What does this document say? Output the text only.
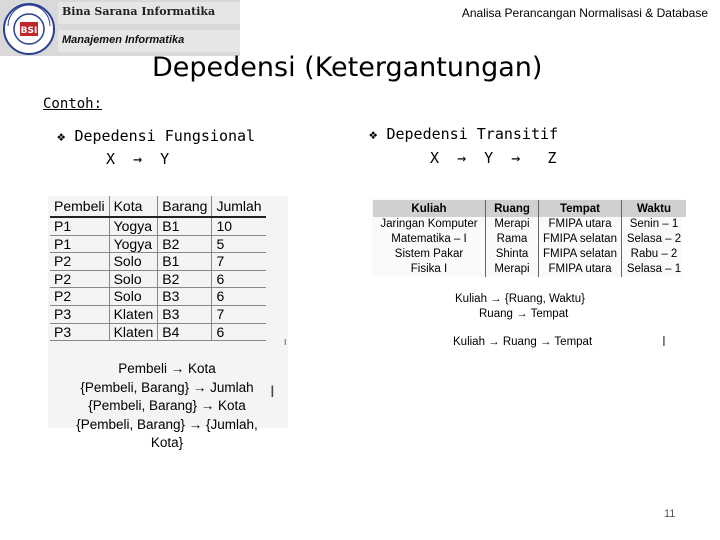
BSI
Bina Sarana Informatika
Manajemen Informatika
Analisa Perancangan Normalisasi & Database
Depedensi (Ketergantungan)
Contoh:
❖ Depedensi Fungsional
X  →  Y
❖ Depedensi Transitif
X  →  Y  →   Z
Pembeli	Kota	Barang	Jumlah
P1	Yogya	B1	10
P1	Yogya	B2	5
P2	Solo	B1	7
P2	Solo	B2	6
P2	Solo	B3	6
P3	Klaten	B3	7
P3	Klaten	B4	6
Pembeli → Kota
{Pembeli, Barang} → Jumlah
{Pembeli, Barang} → Kota
{Pembeli, Barang} → {Jumlah, Kota}
I
I
Kuliah	Ruang	Tempat	Waktu
Jaringan Komputer	Merapi	FMIPA utara	Senin – 1
Matematika – I	Rama	FMIPA selatan	Selasa – 2
Sistem Pakar	Shinta	FMIPA selatan	Rabu – 2
Fisika I	Merapi	FMIPA utara	Selasa – 1
Kuliah → {Ruang, Waktu}
Ruang → Tempat
Kuliah → Ruang → Tempat	I
11
